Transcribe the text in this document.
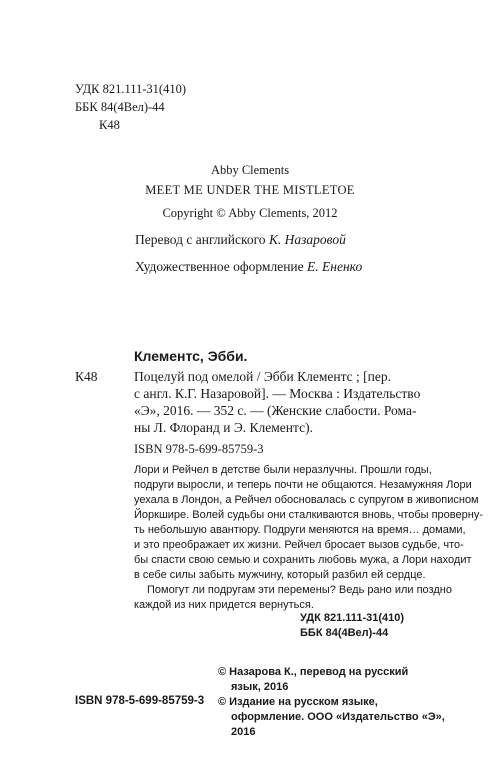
УДК 821.111-31(410)
ББК 84(4Вел)-44
К48
Abby Clements
MEET ME UNDER THE MISTLETOE
Copyright © Abby Clements, 2012
Перевод с английского К. Назаровой
Художественное оформление Е. Ененко
Клементс, Эбби.
К48	Поцелуй под омелой / Эбби Клементс ; [пер.
с англ. К.Г. Назаровой]. — Москва : Издательство
«Э», 2016. — 352 с. — (Женские слабости. Рома-
ны Л. Флоранд и Э. Клементс).
ISBN 978-5-699-85759-3
Лори и Рейчел в детстве были неразлучны. Прошли годы,
подруги выросли, и теперь почти не общаются. Незамужняя Лори
уехала в Лондон, а Рейчел обосновалась с супругом в живописном
Йоркшире. Волей судьбы они сталкиваются вновь, чтобы проверну-
ть небольшую авантюру. Подруги меняются на время… домами,
и это преображает их жизни. Рейчел бросает вызов судьбе, что-
бы спасти свою семью и сохранить любовь мужа, а Лори находит
в себе силы забыть мужчину, который разбил ей сердце.
Помогут ли подругам эти перемены? Ведь рано или поздно
каждой из них придется вернуться.
УДК 821.111-31(410)
ББК 84(4Вел)-44
© Назарова К., перевод на русский
язык, 2016
© Издание на русском языке,
оформление. ООО «Издательство «Э»,
2016
ISBN 978-5-699-85759-3
